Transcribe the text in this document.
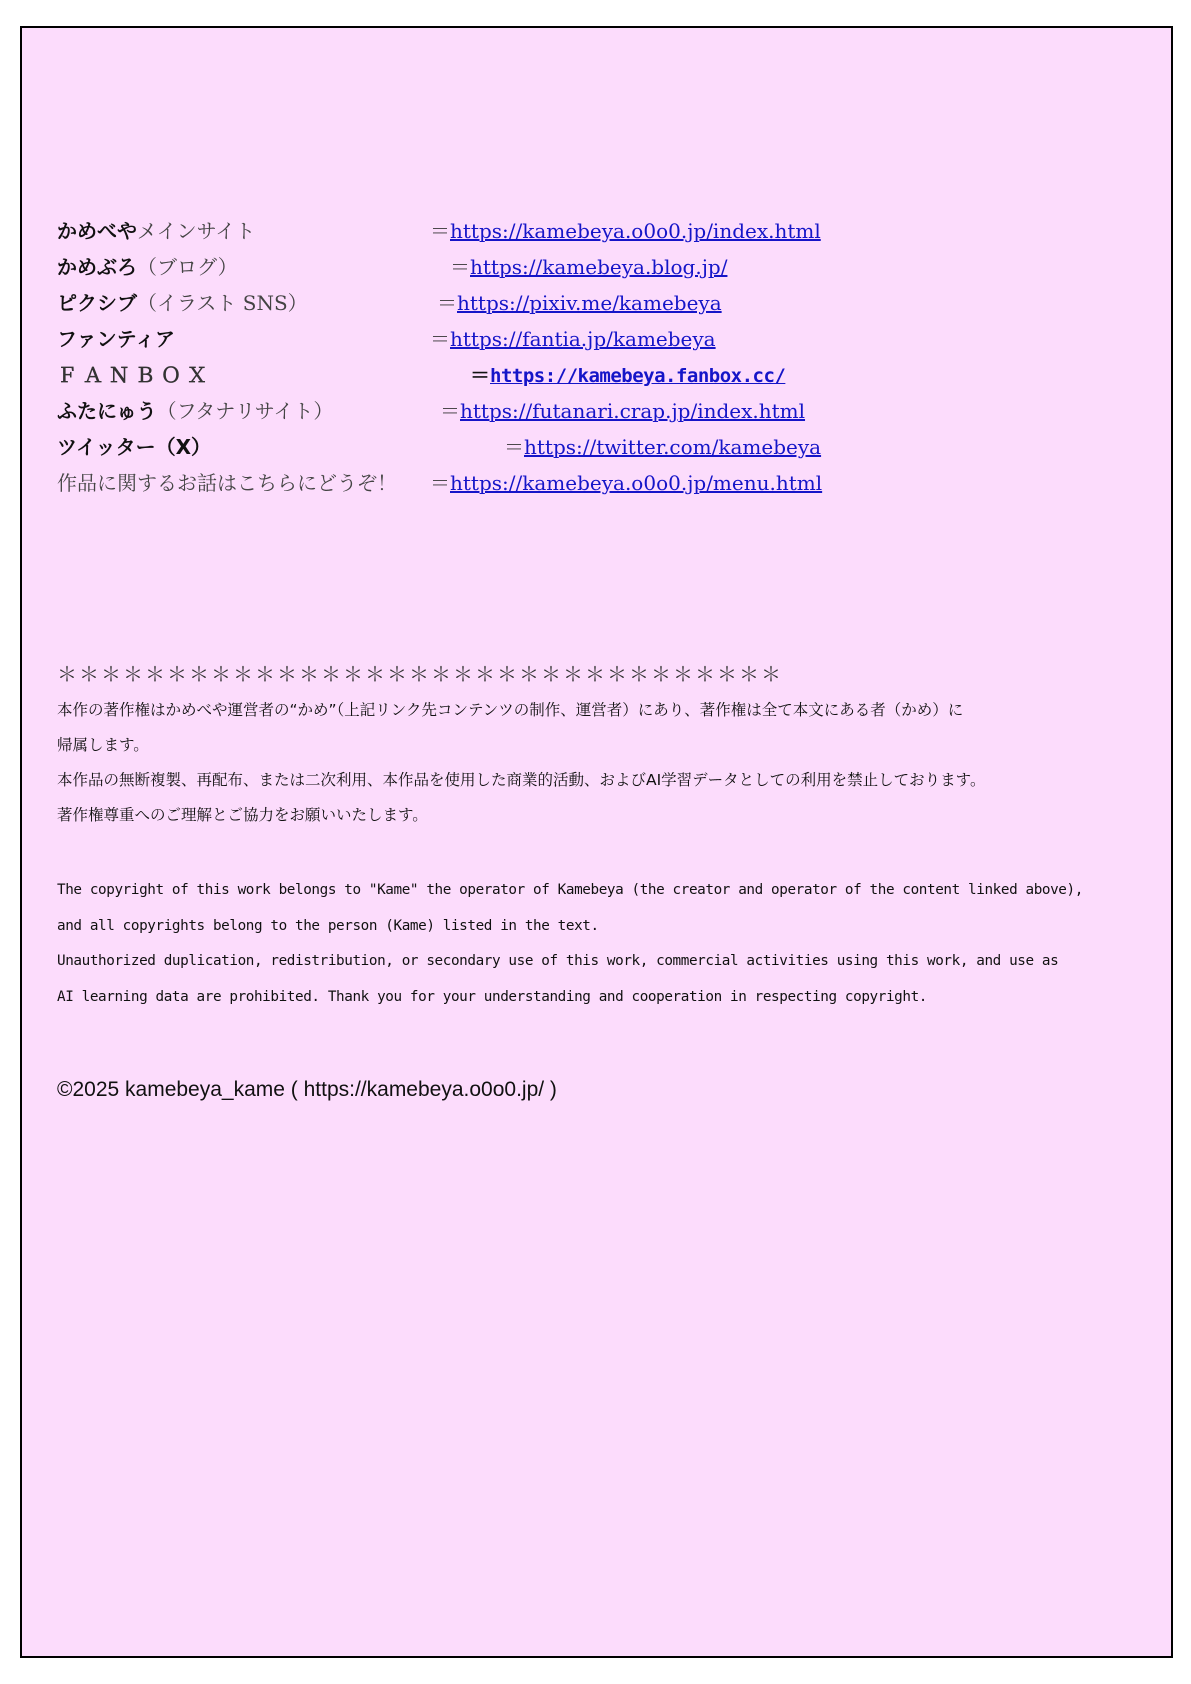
かめべやメインサイト	＝https://kamebeya.o0o0.jp/index.html
かめぶろ（ブログ）	＝https://kamebeya.blog.jp/
ピクシブ（イラスト SNS）	＝https://pixiv.me/kamebeya
ファンティア	＝https://fantia.jp/kamebeya
ＦＡＮＢＯＸ	＝https://kamebeya.fanbox.cc/
ふたにゅう（フタナリサイト）	＝https://futanari.crap.jp/index.html
ツイッター（X）	＝https://twitter.com/kamebeya
作品に関するお話はこちらにどうぞ！ ＝https://kamebeya.o0o0.jp/menu.html
＊＊＊＊＊＊＊＊＊＊＊＊＊＊＊＊＊＊＊＊＊＊＊＊＊＊＊＊＊＊＊＊＊

本作の著作権はかめべや運営者の“かめ”（上記リンク先コンテンツの制作、運営者）にあり、著作権は全て本文にある者（かめ）に

帰属します。

本作品の無断複製、再配布、または二次利用、本作品を使用した商業的活動、およびAI学習データとしての利用を禁止しております。

著作権尊重へのご理解とご協力をお願いいたします。

The copyright of this work belongs to "Kame" the operator of Kamebeya (the creator and operator of the content linked above),

and all copyrights belong to the person (Kame) listed in the text.

Unauthorized duplication, redistribution, or secondary use of this work, commercial activities using this work, and use as

AI learning data are prohibited. Thank you for your understanding and cooperation in respecting copyright.

©2025 kamebeya_kame ( https://kamebeya.o0o0.jp/ )
